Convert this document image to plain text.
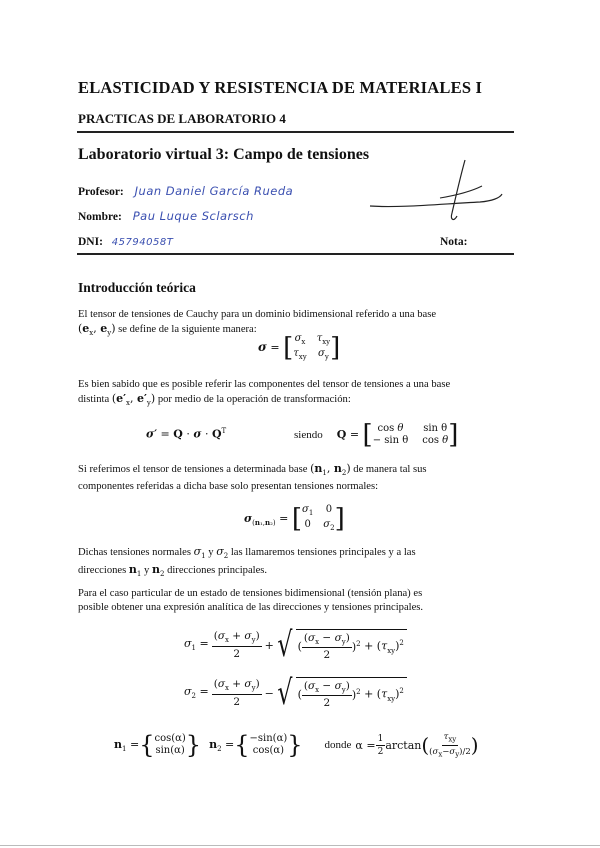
ELASTICIDAD Y RESISTENCIA DE MATERIALES I
PRACTICAS DE LABORATORIO 4
Laboratorio virtual 3: Campo de tensiones
Profesor: Juan Daniel García Rueda
Nombre: Pau Luque Sclarsch
DNI: 45794058T	Nota:
Introducción teórica
El tensor de tensiones de Cauchy para un dominio bidimensional referido a una base
($e_x$, $e_y$) se define de la siguiente manera:
σ = [ $\sigma_x$ $\tau_{xy}$
$\tau_{xy}$ $\sigma_y$ ]
Es bien sabido que es posible referir las componentes del tensor de tensiones a una base
distinta ($e'_x$, $e'_y$) por medio de la operación de transformación:
$\sigma' = Q \cdot \sigma \cdot Q^T$	siendo Q = [ cos θ	sin θ
− sin θ cos θ ]
Si referimos el tensor de tensiones a determinada base ($n_1$, $n_2$) de manera tal sus
componentes referidas a dicha base solo presentan tensiones normales:
$\sigma_{(n_1,n_2)}$ = [ $\sigma_1$ 0
0 $\sigma_2$ ]
Dichas tensiones normales $\sigma_1$ y $\sigma_2$ las llamaremos tensiones principales y a las
direcciones $n_1$ y $n_2$ direcciones principales.
Para el caso particular de un estado de tensiones bidimensional (tensión plana) es
posible obtener una expresión analítica de las direcciones y tensiones principales.
$\sigma_1 = \frac{(\sigma_x + \sigma_y)}{2}$ + √ ( $\frac{(\sigma_x - \sigma_y)}{2} )^2 + (\tau_{xy})^2$
$\sigma_2 = \frac{(\sigma_x + \sigma_y)}{2}$ − √ ( $\frac{(\sigma_x - \sigma_y)}{2} )^2 + (\tau_{xy})^2$
$n_1$ = { cos(α)
sin(α) } $n_2$ = { −sin(α)
cos(α) } donde $\alpha = \frac{1}{2}$ arctan ( $\frac{\tau_{xy}}{(\sigma_x-\sigma_y)/2}$ )
